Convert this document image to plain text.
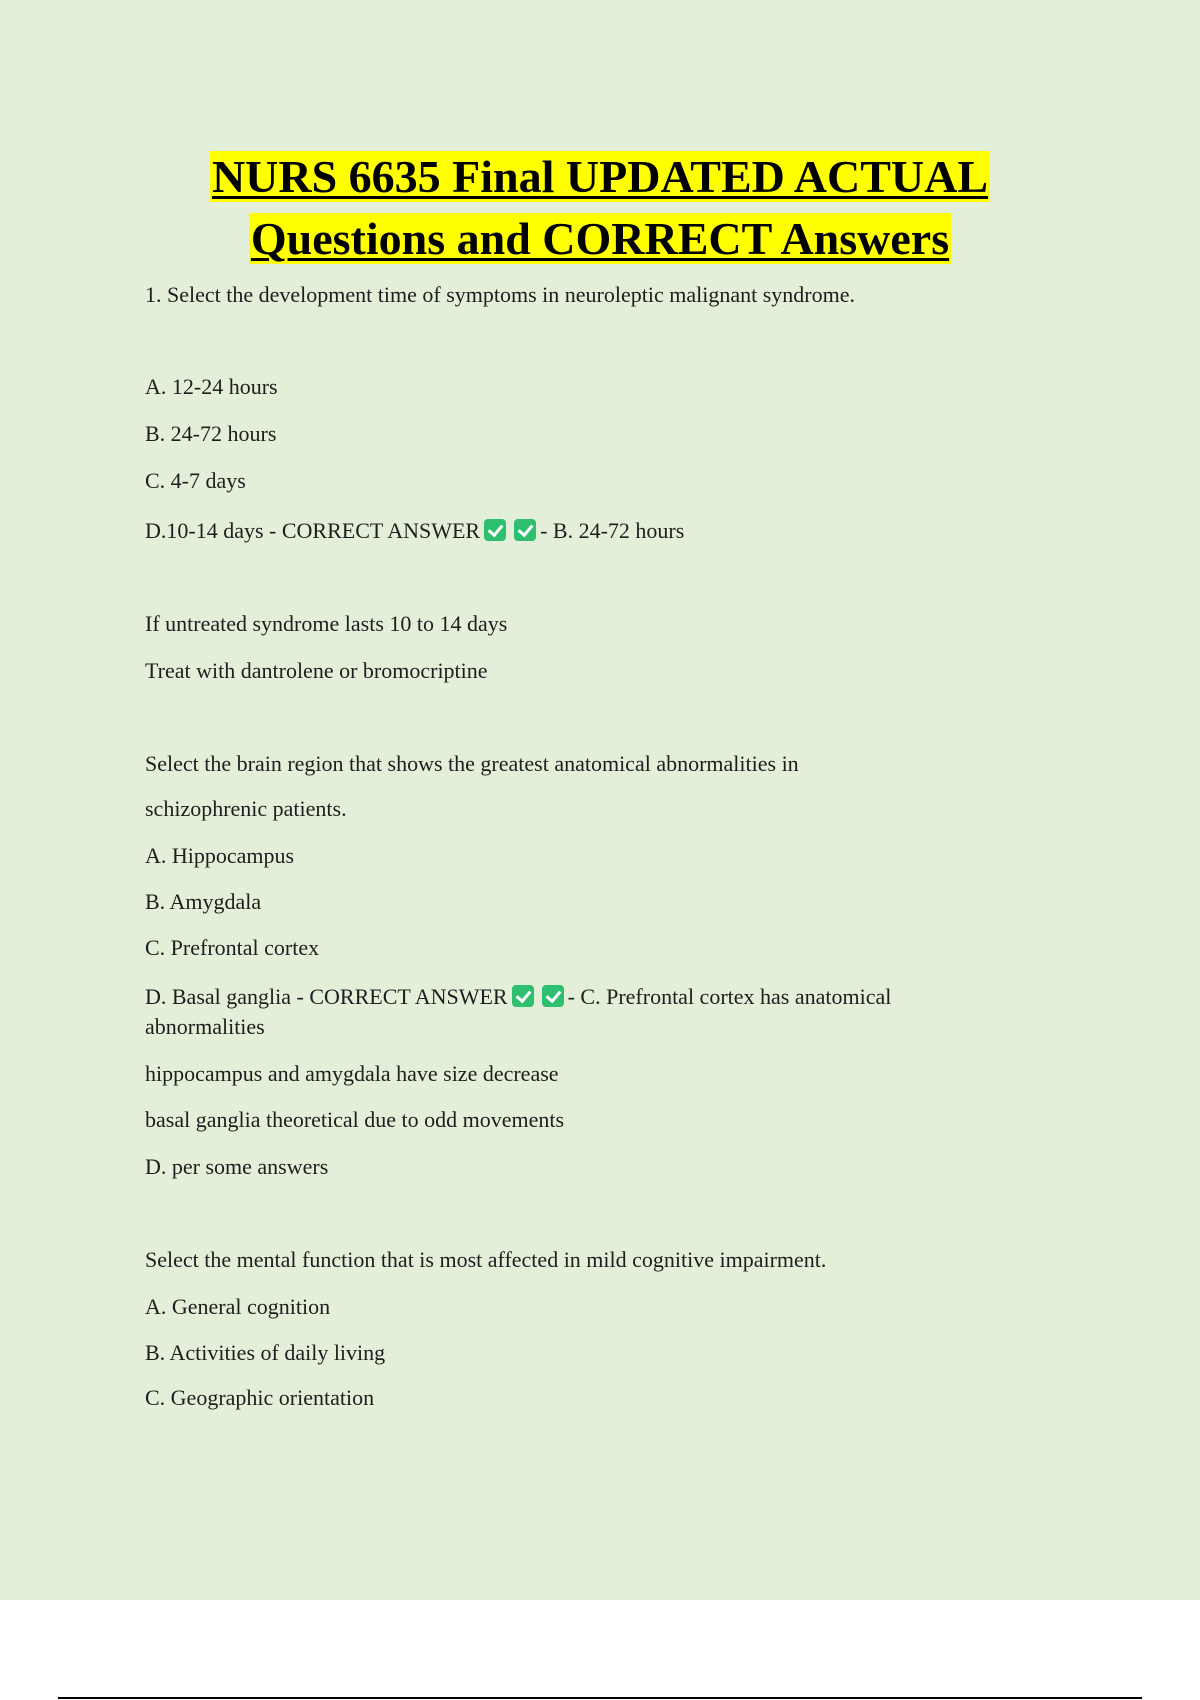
NURS 6635 Final UPDATED ACTUAL
Questions and CORRECT Answers
1. Select the development time of symptoms in neuroleptic malignant syndrome.
A. 12-24 hours
B. 24-72 hours
C. 4-7 days
D.10-14 days - CORRECT ANSWER	- B. 24-72 hours
If untreated syndrome lasts 10 to 14 days
Treat with dantrolene or bromocriptine
Select the brain region that shows the greatest anatomical abnormalities in
schizophrenic patients.
A. Hippocampus
B. Amygdala
C. Prefrontal cortex
D. Basal ganglia - CORRECT ANSWER	- C. Prefrontal cortex has anatomical
abnormalities
hippocampus and amygdala have size decrease
basal ganglia theoretical due to odd movements
D. per some answers
Select the mental function that is most affected in mild cognitive impairment.
A. General cognition
B. Activities of daily living
C. Geographic orientation
